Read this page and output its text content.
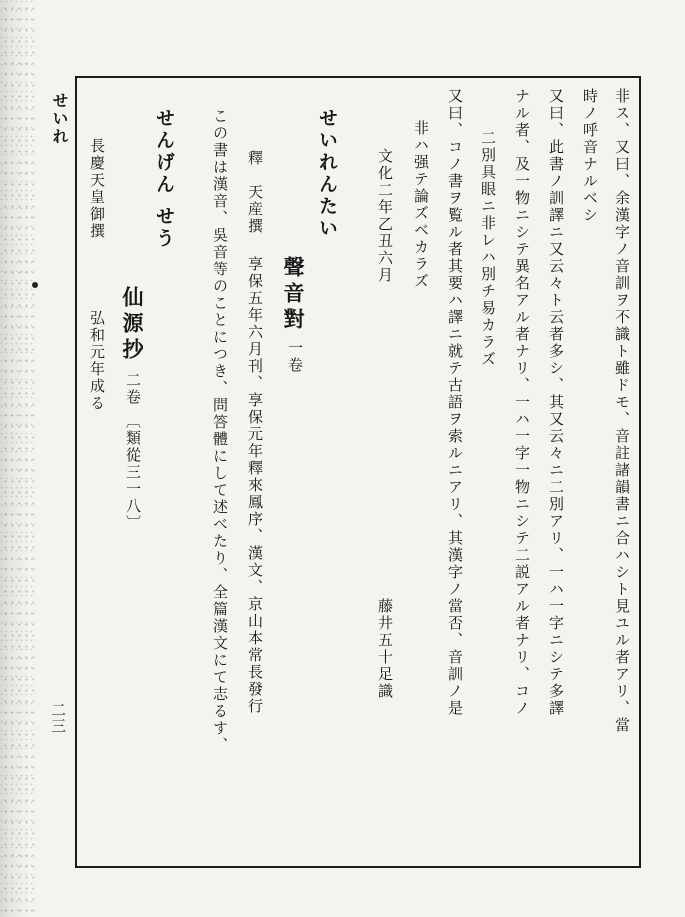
せいれ
二三	非ス、又曰、余漢字ノ音訓ヲ不識ト雖ドモ、音註諸韻書ニ合ハシト見ユル者アリ、當
時ノ呼音ナルベシ
又曰、此書ノ訓譯ニ又云々ト云者多シ、其又云々ニ二別アリ、一ハ一字ニシテ多譯
ナル者、及一物ニシテ異名アル者ナリ、一ハ一字一物ニシテ二説アル者ナリ、コノ
二別具眼ニ非レハ別チ易カラズ
又曰、コノ書ヲ覧ル者其要ハ譯ニ就テ古語ヲ索ルニアリ、其漢字ノ當否、音訓ノ是
非ハ强テ論ズベカラズ
文化二年乙丑六月
藤井五十足識
せいれんたい
聲音對
一卷
釋　天産撰
享保五年六月刊、享保元年釋來鳳序、漢文、京山本常長發行
この書は漢音、吳音等のことにつき、問答體にして述べたり、全篇漢文にて志るす、
せんげん せう
仙源抄
二卷 〔類從三一八〕
長慶天皇御撰
弘和元年成る
